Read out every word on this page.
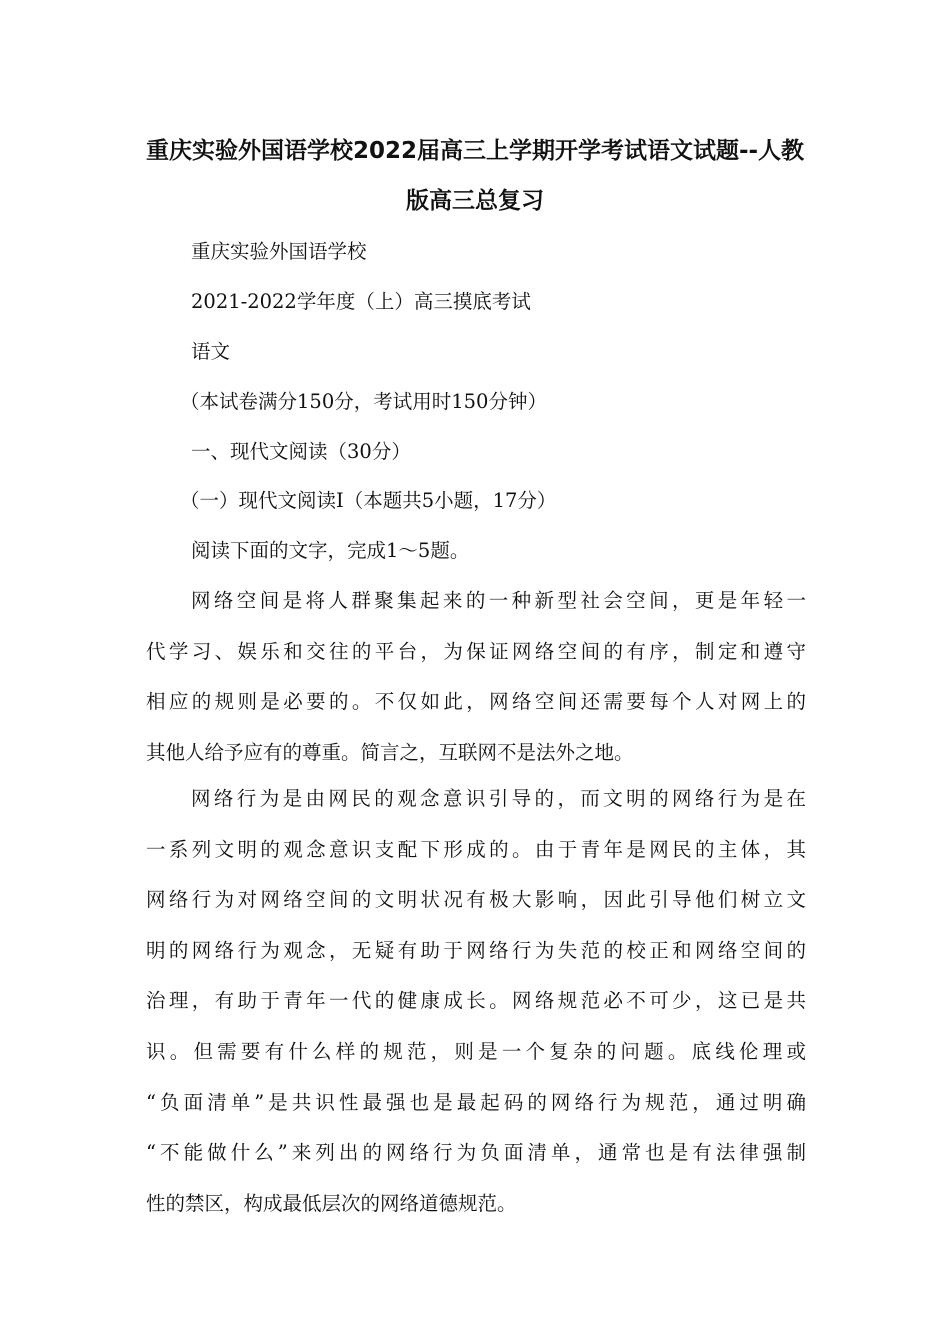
重庆实验外国语学校2022届高三上学期开学考试语文试题--人教
版高三总复习
重庆实验外国语学校
2021-2022学年度（上）高三摸底考试
语文
（本试卷满分150分，考试用时150分钟）
一、现代文阅读（30分）
（一）现代文阅读Ⅰ（本题共5小题，17分）
阅读下面的文字，完成1～5题。
网络空间是将人群聚集起来的一种新型社会空间，更是年轻一
代学习、娱乐和交往的平台，为保证网络空间的有序，制定和遵守
相应的规则是必要的。不仅如此，网络空间还需要每个人对网上的
其他人给予应有的尊重。简言之，互联网不是法外之地。
网络行为是由网民的观念意识引导的，而文明的网络行为是在
一系列文明的观念意识支配下形成的。由于青年是网民的主体，其
网络行为对网络空间的文明状况有极大影响，因此引导他们树立文
明的网络行为观念，无疑有助于网络行为失范的校正和网络空间的
治理，有助于青年一代的健康成长。网络规范必不可少，这已是共
识。但需要有什么样的规范，则是一个复杂的问题。底线伦理或
“负面清单”是共识性最强也是最起码的网络行为规范，通过明确
“不能做什么”来列出的网络行为负面清单，通常也是有法律强制
性的禁区，构成最低层次的网络道德规范。
